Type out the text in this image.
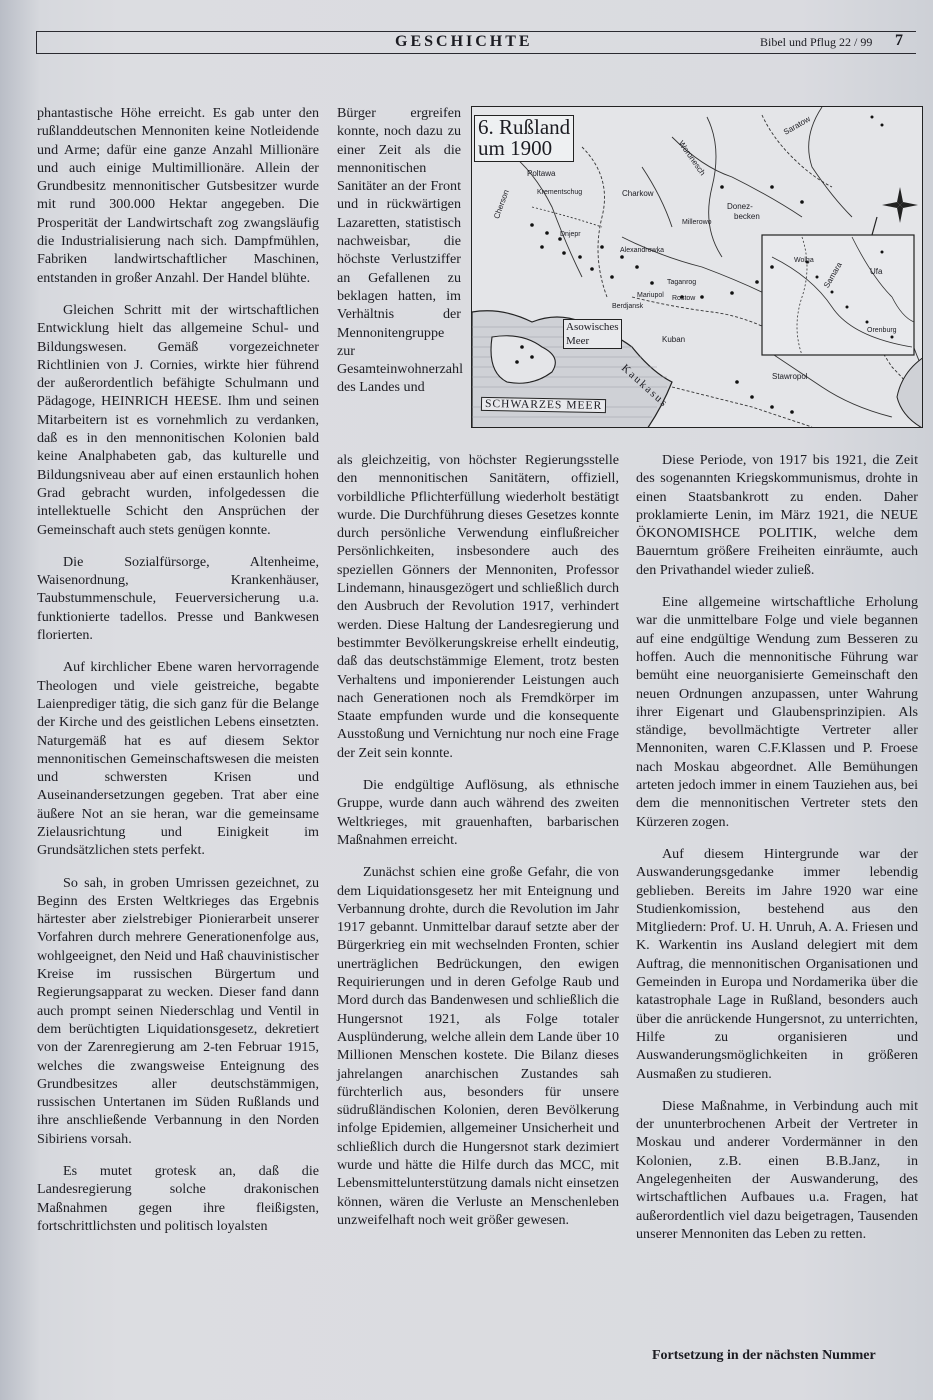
GESCHICHTE	Bibel und Pflug 22 / 99 7

phantastische Höhe erreicht. Es gab unter den rußlanddeutschen Mennoniten keine Notleidende und Arme; dafür eine ganze Anzahl Millionäre und auch einige Multimillionäre. Allein der Grundbesitz mennonitischer Gutsbesitzer wurde mit rund 300.000 Hektar angegeben. Die Prosperität der Landwirtschaft zog zwangsläufig die Industrialisierung nach sich. Dampfmühlen, Fabriken landwirtschaftlicher Maschinen, entstanden in großer Anzahl. Der Handel blühte.

Gleichen Schritt mit der wirtschaftlichen Entwicklung hielt das allgemeine Schul- und Bildungswesen. Gemäß vorgezeichneter Richtlinien von J. Cornies, wirkte hier führend der außerordentlich befähigte Schulmann und Pädagoge, HEINRICH HEESE. Ihm und seinen Mitarbeitern ist es vornehmlich zu verdanken, daß es in den mennonitischen Kolonien bald keine Analphabeten gab, das kulturelle und Bildungsniveau aber auf einen erstaunlich hohen Grad gebracht wurden, infolgedessen die intellektuelle Schicht den Ansprüchen der Gemeinschaft auch stets genügen konnte.

Die Sozialfürsorge, Altenheime, Waisenordnung, Krankenhäuser, Taubstummenschule, Feuerversicherung u.a. funktionierte tadellos. Presse und Bankwesen florierten.

Auf kirchlicher Ebene waren hervorragende Theologen und viele geistreiche, begabte Laienprediger tätig, die sich ganz für die Belange der Kirche und des geistlichen Lebens einsetzten. Naturgemäß hat es auf diesem Sektor mennonitischen Gemeinschaftswesen die meisten und schwersten Krisen und Auseinandersetzungen gegeben. Trat aber eine äußere Not an sie heran, war die gemeinsame Zielausrichtung und Einigkeit im Grundsätzlichen stets perfekt.

So sah, in groben Umrissen gezeichnet, zu Beginn des Ersten Weltkrieges das Ergebnis härtester aber zielstrebiger Pionierarbeit unserer Vorfahren durch mehrere Generationenfolge aus, wohlgeeignet, den Neid und Haß chauvinistischer Kreise im russischen Bürgertum und Regierungsapparat zu wecken. Dieser fand dann auch prompt seinen Niederschlag und Ventil in dem berüchtigten Liquidationsgesetz, dekretiert von der Zarenregierung am 2-ten Februar 1915, welches die zwangsweise Enteignung des Grundbesitzes aller deutschstämmigen, russischen Untertanen im Süden Rußlands und ihre anschließende Verbannung in den Norden Sibiriens vorsah.

Es mutet grotesk an, daß die Landesregierung solche drakonischen Maßnahmen gegen ihre fleißigsten, fortschrittlichsten und politisch loyalsten

Bürger ergreifen konnte, noch dazu zu einer Zeit als die mennonitischen Sanitäter an der Front und in rückwärtigen Lazaretten, statistisch nachweisbar, die höchste Verlustziffer an Gefallenen zu beklagen hatten, im Verhältnis der Mennonitengruppe zur Gesamteinwohnerzahl des Landes und

6. Rußland
um 1900
Poltawa
Krementschug	Charkow
Woronesch
Saratow
Donez-
becken
Millerowo
Cherson
Dnjepr
Alexandrowka
Mariupol
Taganrog
Rostow
Berdjansk
Kuban
Stawropol
Ufa
Samara
Orenburg
Wolga
Asowisches
Meer
Kaukasus
SCHWARZES MEER

als gleichzeitig, von höchster Regierungsstelle den mennonitischen Sanitätern, offiziell, vorbildliche Pflichterfüllung wiederholt bestätigt wurde. Die Durchführung dieses Gesetzes konnte durch persönliche Verwendung einflußreicher Persönlichkeiten, insbesondere auch des speziellen Gönners der Mennoniten, Professor Lindemann, hinausgezögert und schließlich durch den Ausbruch der Revolution 1917, verhindert werden. Diese Haltung der Landesregierung und bestimmter Bevölkerungskreise erhellt eindeutig, daß das deutschstämmige Element, trotz besten Verhaltens und imponierender Leistungen auch nach Generationen noch als Fremdkörper im Staate empfunden wurde und die konsequente Ausstoßung und Vernichtung nur noch eine Frage der Zeit sein konnte.

Die endgültige Auflösung, als ethnische Gruppe, wurde dann auch während des zweiten Weltkrieges, mit grauenhaften, barbarischen Maßnahmen erreicht.

Zunächst schien eine große Gefahr, die von dem Liquidationsgesetz her mit Enteignung und Verbannung drohte, durch die Revolution im Jahr 1917 gebannt. Unmittelbar darauf setzte aber der Bürgerkrieg ein mit wechselnden Fronten, schier unerträglichen Bedrückungen, den ewigen Requirierungen und in deren Gefolge Raub und Mord durch das Bandenwesen und schließlich die Hungersnot 1921, als Folge totaler Ausplünderung, welche allein dem Lande über 10 Millionen Menschen kostete. Die Bilanz dieses jahrelangen anarchischen Zustandes sah fürchterlich aus, besonders für unsere südrußländischen Kolonien, deren Bevölkerung infolge Epidemien, allgemeiner Unsicherheit und schließlich durch die Hungersnot stark dezimiert wurde und hätte die Hilfe durch das MCC, mit Lebensmittelunterstützung damals nicht einsetzen können, wären die Verluste an Menschenleben unzweifelhaft noch weit größer gewesen.

Diese Periode, von 1917 bis 1921, die Zeit des sogenannten Kriegskommunismus, drohte in einen Staatsbankrott zu enden. Daher proklamierte Lenin, im März 1921, die NEUE ÖKONOMISHCE POLITIK, welche dem Bauerntum größere Freiheiten einräumte, auch den Privathandel wieder zuließ.

Eine allgemeine wirtschaftliche Erholung war die unmittelbare Folge und viele begannen auf eine endgültige Wendung zum Besseren zu hoffen. Auch die mennonitische Führung war bemüht eine neuorganisierte Gemeinschaft den neuen Ordnungen anzupassen, unter Wahrung ihrer Eigenart und Glaubensprinzipien. Als ständige, bevollmächtigte Vertreter aller Mennoniten, waren C.F.Klassen und P. Froese nach Moskau abgeordnet. Alle Bemühungen arteten jedoch immer in einem Tauziehen aus, bei dem die mennonitischen Vertreter stets den Kürzeren zogen.

Auf diesem Hintergrunde war der Auswanderungsgedanke immer lebendig geblieben. Bereits im Jahre 1920 war eine Studienkomission, bestehend aus den Mitgliedern: Prof. U. H. Unruh, A. A. Friesen und K. Warkentin ins Ausland delegiert mit dem Auftrag, die mennonitischen Organisationen und Gemeinden in Europa und Nordamerika über die katastrophale Lage in Rußland, besonders auch über die anrückende Hungersnot, zu unterrichten, Hilfe zu organisieren und Auswanderungsmöglichkeiten in größeren Ausmaßen zu studieren.

Diese Maßnahme, in Verbindung auch mit der ununterbrochenen Arbeit der Vertreter in Moskau und anderer Vordermänner in den Kolonien, z.B. einen B.B.Janz, in Angelegenheiten der Auswanderung, des wirtschaftlichen Aufbaues u.a. Fragen, hat außerordentlich viel dazu beigetragen, Tausenden unserer Mennoniten das Leben zu retten.

Fortsetzung in der nächsten Nummer
